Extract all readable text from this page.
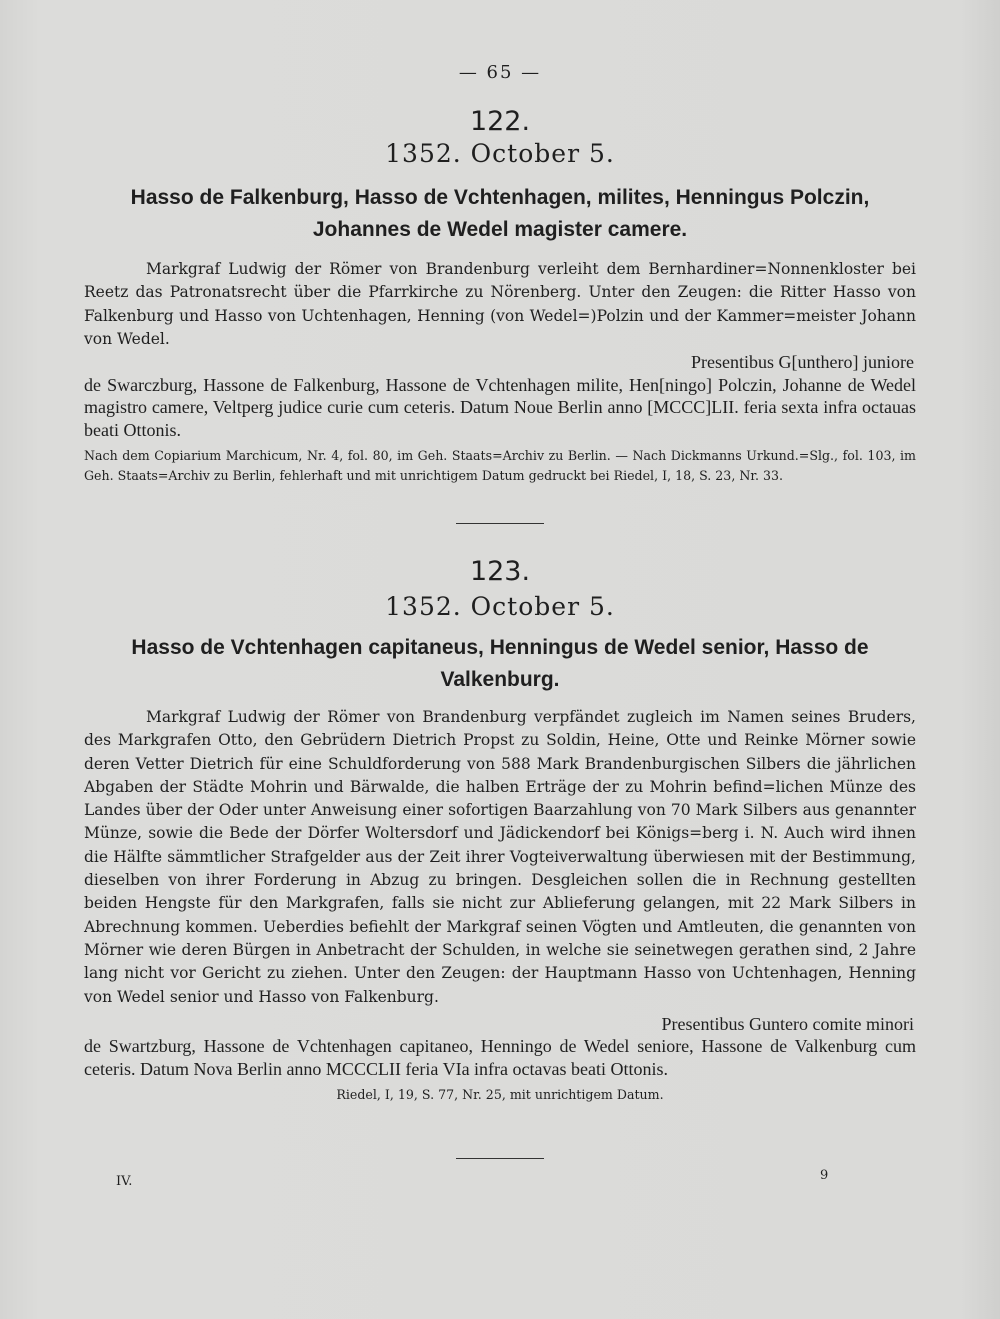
— 65 —
122.
1352. October 5.
Hasso de Falkenburg, Hasso de Vchtenhagen, milites, Henningus Polczin, Johannes de Wedel magister camere.

Markgraf Ludwig der Römer von Brandenburg verleiht dem Bernhardiner=Nonnenkloster bei Reetz das Patronatsrecht über die Pfarrkirche zu Nörenberg. Unter den Zeugen: die Ritter Hasso von Falkenburg und Hasso von Uchtenhagen, Henning (von Wedel=)Polzin und der Kammer=meister Johann von Wedel.

Presentibus G[unthero] juniore
de Swarczburg, Hassone de Falkenburg, Hassone de Vchtenhagen milite, Hen[ningo] Polczin, Johanne de Wedel magistro camere, Veltperg judice curie cum ceteris. Datum Noue Berlin anno [MCCC]LII. feria sexta infra octauas beati Ottonis.

Nach dem Copiarium Marchicum, Nr. 4, fol. 80, im Geh. Staats=Archiv zu Berlin. — Nach Dickmanns Urkund.=Slg., fol. 103, im Geh. Staats=Archiv zu Berlin, fehlerhaft und mit unrichtigem Datum gedruckt bei Riedel, I, 18, S. 23, Nr. 33.

123.
1352. October 5.
Hasso de Vchtenhagen capitaneus, Henningus de Wedel senior, Hasso de Valkenburg.

Markgraf Ludwig der Römer von Brandenburg verpfändet zugleich im Namen seines Bruders, des Markgrafen Otto, den Gebrüdern Dietrich Propst zu Soldin, Heine, Otte und Reinke Mörner sowie deren Vetter Dietrich für eine Schuldforderung von 588 Mark Brandenburgischen Silbers die jährlichen Abgaben der Städte Mohrin und Bärwalde, die halben Erträge der zu Mohrin befind=lichen Münze des Landes über der Oder unter Anweisung einer sofortigen Baarzahlung von 70 Mark Silbers aus genannter Münze, sowie die Bede der Dörfer Woltersdorf und Jädickendorf bei Königs=berg i. N. Auch wird ihnen die Hälfte sämmtlicher Strafgelder aus der Zeit ihrer Vogteiverwaltung überwiesen mit der Bestimmung, dieselben von ihrer Forderung in Abzug zu bringen. Desgleichen sollen die in Rechnung gestellten beiden Hengste für den Markgrafen, falls sie nicht zur Ablieferung gelangen, mit 22 Mark Silbers in Abrechnung kommen. Ueberdies befiehlt der Markgraf seinen Vögten und Amtleuten, die genannten von Mörner wie deren Bürgen in Anbetracht der Schulden, in welche sie seinetwegen gerathen sind, 2 Jahre lang nicht vor Gericht zu ziehen. Unter den Zeugen: der Hauptmann Hasso von Uchtenhagen, Henning von Wedel senior und Hasso von Falkenburg.

Presentibus Guntero comite minori
de Swartzburg, Hassone de Vchtenhagen capitaneo, Henningo de Wedel seniore, Hassone de Valkenburg cum ceteris. Datum Nova Berlin anno MCCCLII feria VIa infra octavas beati Ottonis.

Riedel, I, 19, S. 77, Nr. 25, mit unrichtigem Datum.

IV.	9
